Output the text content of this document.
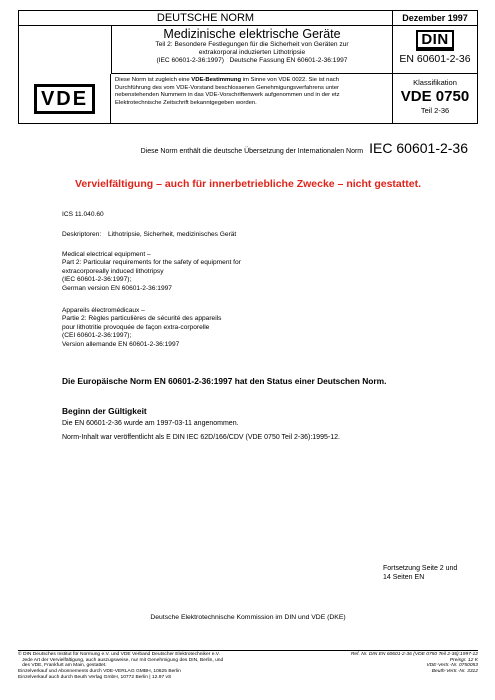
DEUTSCHE NORM	Dezember 1997
Medizinische elektrische Geräte
Teil 2: Besondere Festlegungen für die Sicherheit von Geräten zur
extrakorporal induzierten Lithotripsie
(IEC 60601-2-36:1997)   Deutsche Fassung EN 60601-2-36:1997
DIN
EN 60601-2-36
VDE
Diese Norm ist zugleich eine VDE-Bestimmung im Sinne von VDE 0022. Sie ist nach
Durchführung des vom VDE-Vorstand beschlossenen Genehmigungsverfahrens unter
nebenstehenden Nummern in das VDE-Vorschriftenwerk aufgenommen und in der etz
Elektrotechnische Zeitschrift bekanntgegeben worden.
Klassifikation
VDE 0750
Teil 2-36
Diese Norm enthält die deutsche Übersetzung der Internationalen Norm IEC 60601-2-36
Vervielfältigung – auch für innerbetriebliche Zwecke – nicht gestattet.
ICS 11.040.60
Deskriptoren: Lithotripsie, Sicherheit, medizinisches Gerät
Medical electrical equipment –
Part 2: Particular requirements for the safety of equipment for
extracorporeally induced lithotripsy
(IEC 60601-2-36:1997);
German version EN 60601-2-36:1997
Appareils électromédicaux –
Partie 2: Règles particulières de sécurité des appareils
pour lithotritie provoquée de façon extra-corporelle
(CEI 60601-2-36:1997);
Version allemande EN 60601-2-36:1997
Die Europäische Norm EN 60601-2-36:1997 hat den Status einer Deutschen Norm.
Beginn der Gültigkeit
Die EN 60601-2-36 wurde am 1997-03-11 angenommen.
Norm-Inhalt war veröffentlicht als E DIN IEC 62D/166/CDV (VDE 0750 Teil 2-36):1995-12.
Fortsetzung Seite 2 und
14 Seiten EN
Deutsche Elektrotechnische Kommission im DIN und VDE (DKE)
© DIN Deutsches Institut für Normung e.V. und VDE Verband Deutscher Elektrotechniker e.V.
Jede Art der Vervielfältigung, auch auszugsweise, nur mit Genehmigung des DIN, Berlin, und
des VDE, Frankfurt am Main, gestattet.
Einzelverkauf und Abonnements durch VDE-VERLAG GMBH, 10625 Berlin
Einzelverkauf auch durch Beuth Verlag GmbH, 10772 Berlin | 12.97 vS
Ref. Nr. DIN EN 60601-2-36 (VDE 0750 Teil 2-36):1997-12
Preisgr. 12 K
VDE-Vertr.-Nr. 0750053
Beuth-Vertr.-Nr. 3312
